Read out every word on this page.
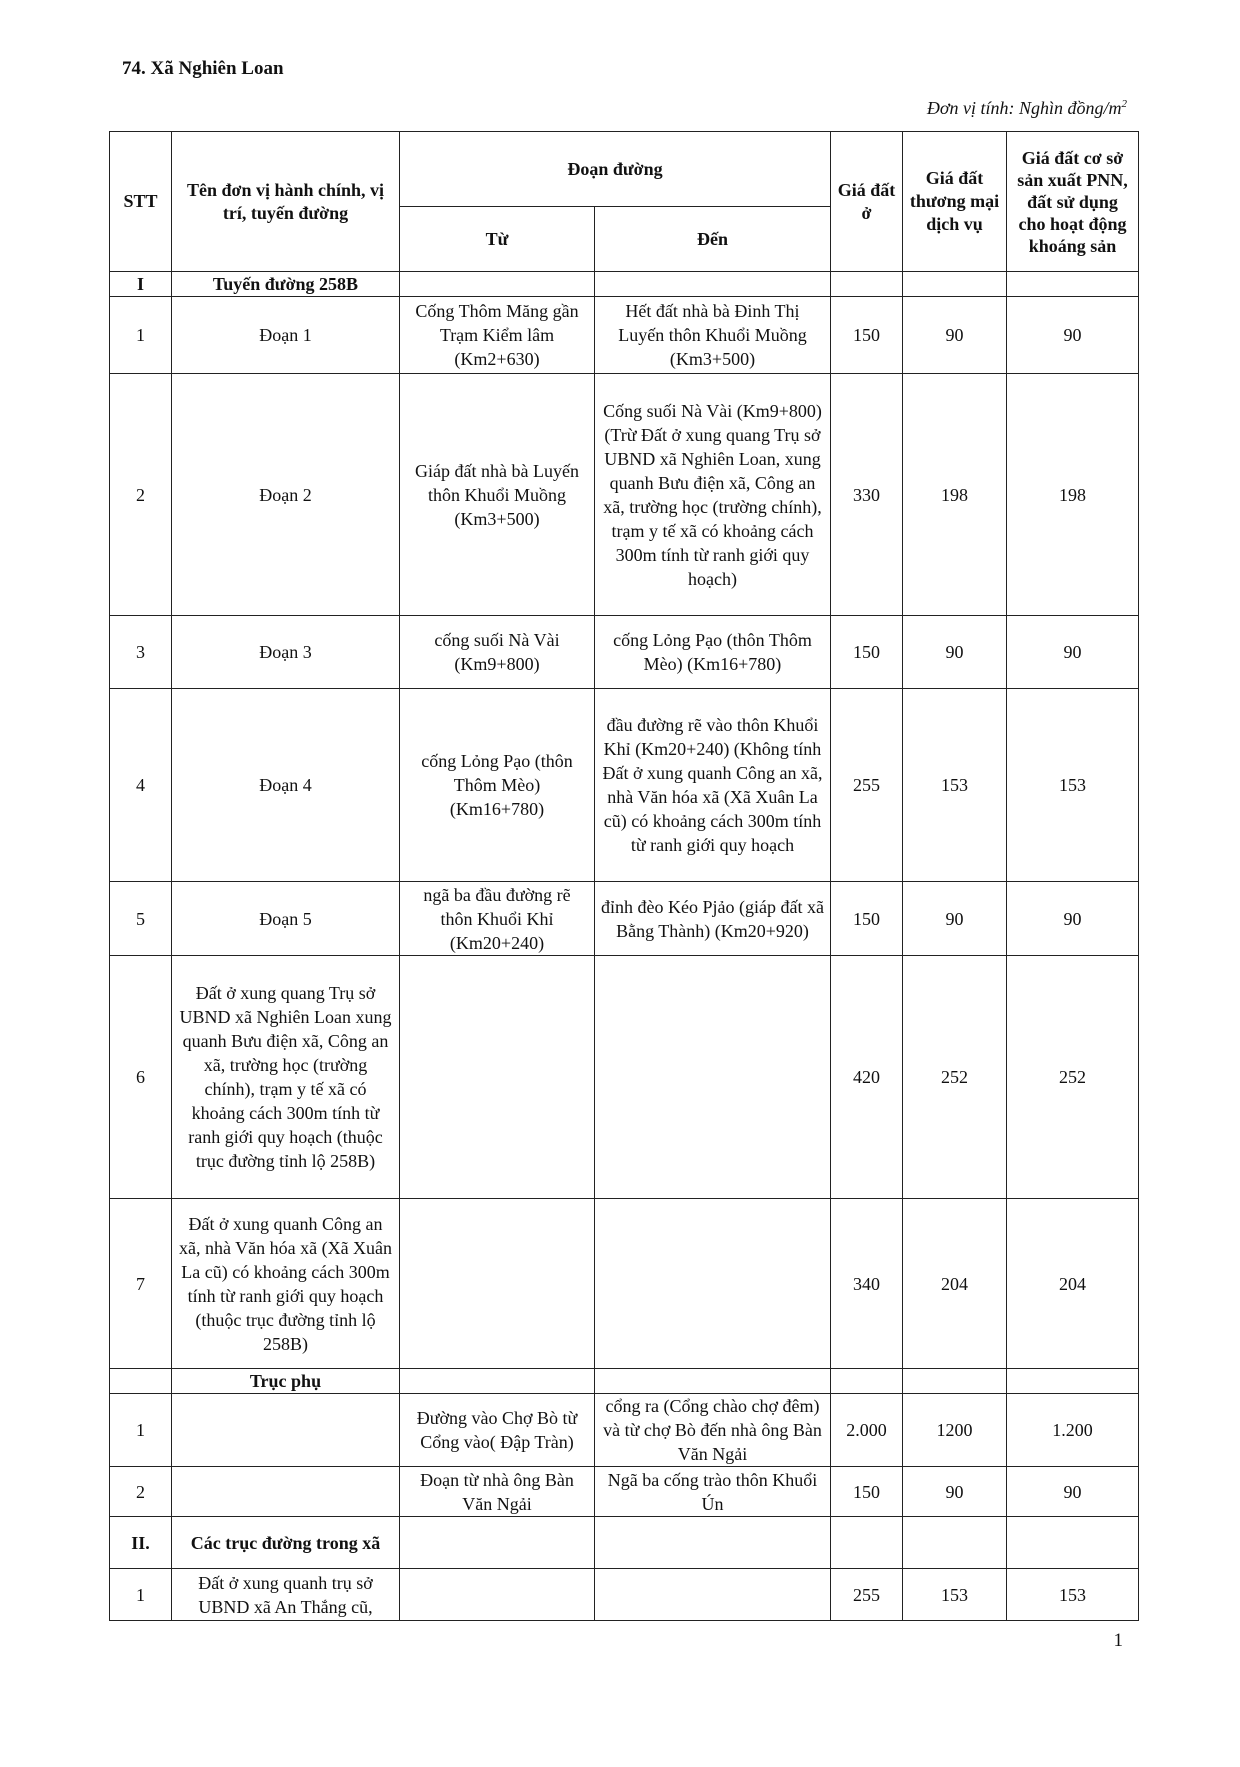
74. Xã Nghiên Loan
Đơn vị tính: Nghìn đồng/$m^2$
STT	Tên đơn vị hành chính, vị trí, tuyến đường	Đoạn đường		Giá đất ở	Giá đất thương mại dịch vụ	Giá đất cơ sở sản xuất PNN, đất sử dụng cho hoạt động khoáng sản
		Từ	Đến			
I	Tuyến đường 258B					
1	Đoạn 1	Cống Thôm Măng gần Trạm Kiểm lâm (Km2+630)	Hết đất nhà bà Đinh Thị Luyến thôn Khuổi Muồng (Km3+500)	150	90	90
2	Đoạn 2	Giáp đất nhà bà Luyến thôn Khuổi Muồng (Km3+500)	Cống suối Nà Vài (Km9+800) (Trừ Đất ở xung quang Trụ sở UBND xã Nghiên Loan, xung quanh Bưu điện xã, Công an xã, trường học (trường chính), trạm y tế xã có khoảng cách 300m tính từ ranh giới quy hoạch)	330	198	198
3	Đoạn 3	cống suối Nà Vài (Km9+800)	cống Lỏng Pạo (thôn Thôm Mèo) (Km16+780)	150	90	90
4	Đoạn 4	cống Lỏng Pạo (thôn Thôm Mèo) (Km16+780)	đầu đường rẽ vào thôn Khuổi Khỉ (Km20+240) (Không tính Đất ở xung quanh Công an xã, nhà Văn hóa xã (Xã Xuân La cũ) có khoảng cách 300m tính từ ranh giới quy hoạch	255	153	153
5	Đoạn 5	ngã ba đầu đường rẽ thôn Khuổi Khỉ (Km20+240)	đỉnh đèo Kéo Pjảo (giáp đất xã Bằng Thành) (Km20+920)	150	90	90
6	Đất ở xung quang Trụ sở UBND xã Nghiên Loan xung quanh Bưu điện xã, Công an xã, trường học (trường chính), trạm y tế xã có khoảng cách 300m tính từ ranh giới quy hoạch (thuộc trục đường tỉnh lộ 258B)			420	252	252
7	Đất ở xung quanh Công an xã, nhà Văn hóa xã (Xã Xuân La cũ) có khoảng cách 300m tính từ ranh giới quy hoạch (thuộc trục đường tỉnh lộ 258B)			340	204	204
	Trục phụ					
1		Đường vào Chợ Bò từ Cổng vào( Đập Tràn)	cổng ra (Cổng chào chợ đêm) và từ chợ Bò đến nhà ông Bàn Văn Ngải	2.000	1200	1.200
2		Đoạn từ nhà ông Bàn Văn Ngải	Ngã ba cống trào thôn Khuổi Ún	150	90	90
II.	Các trục đường trong xã					
1	Đất ở xung quanh trụ sở UBND xã An Thắng cũ,			255	153	153
1
